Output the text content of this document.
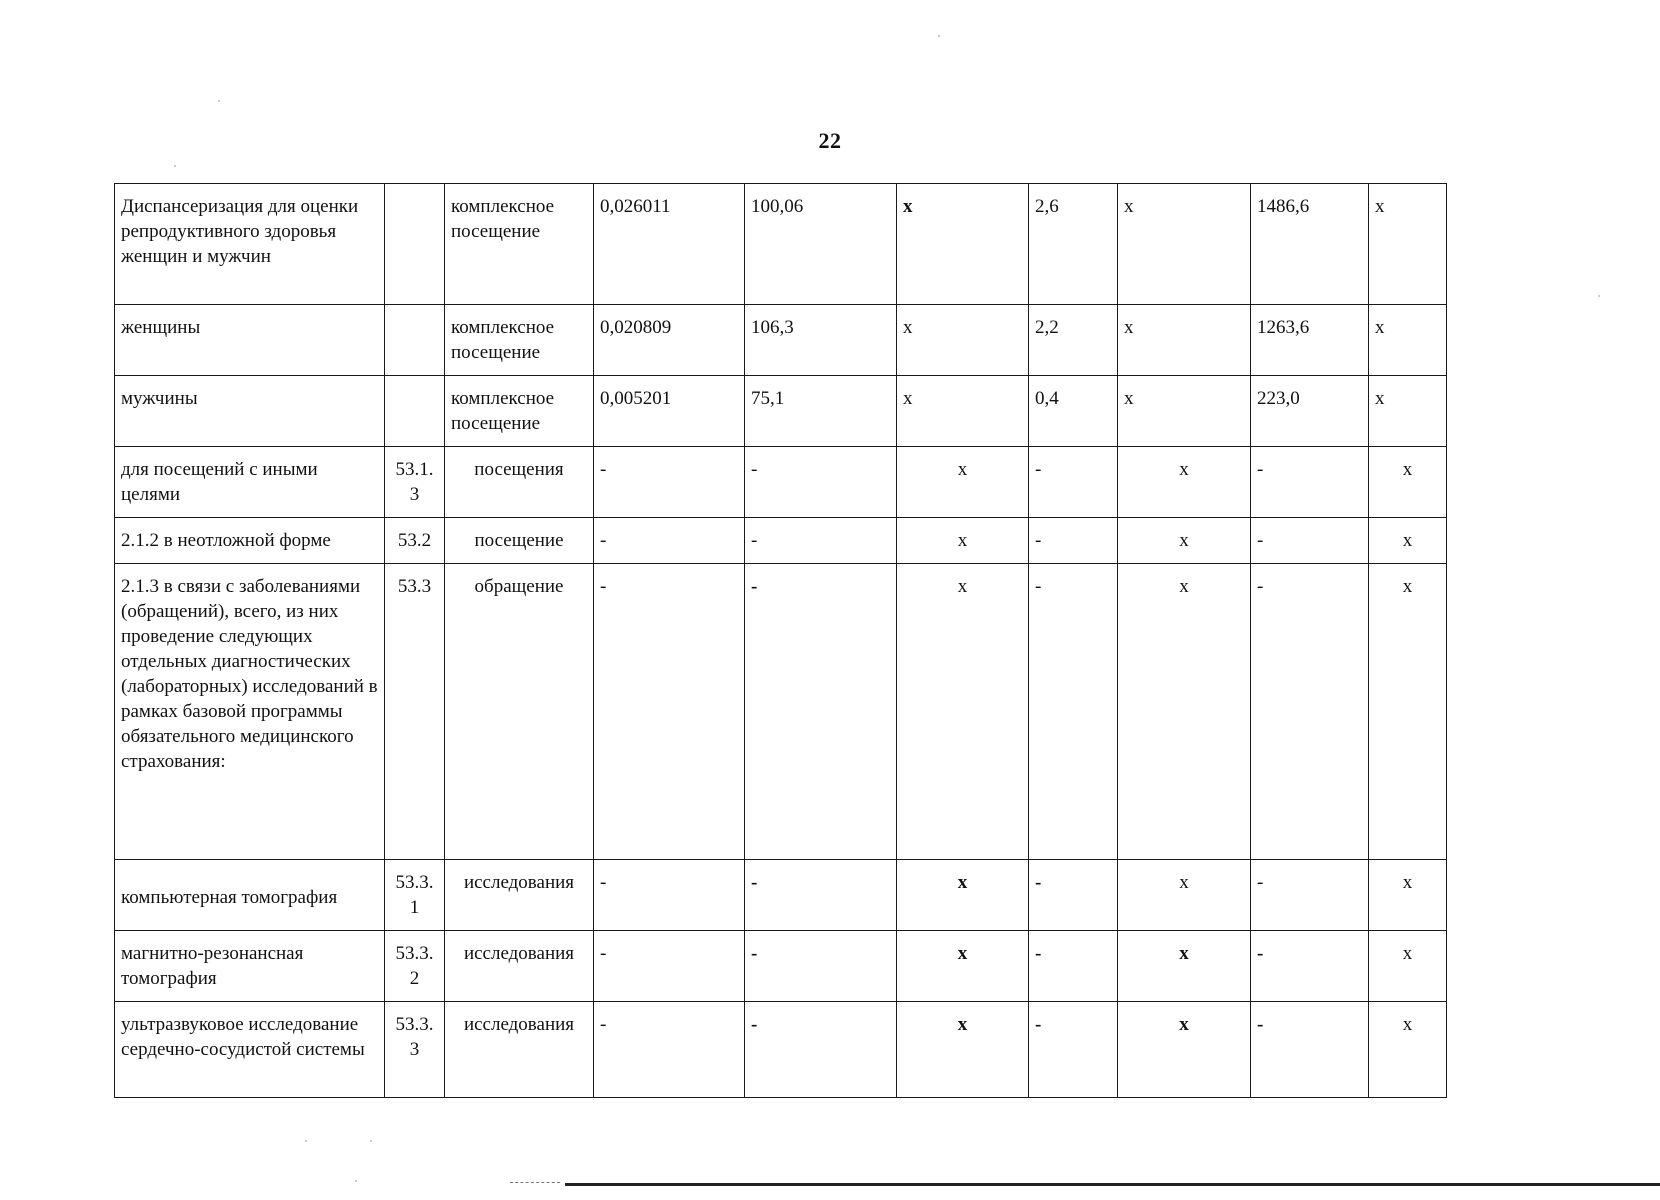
22
Диспансеризация для оценки репродуктивного здоровья женщин и мужчин		комплексное посещение	0,026011	100,06	х	2,6	х	1486,6	х
женщины		комплексное посещение	0,020809	106,3	х	2,2	х	1263,6	х
мужчины		комплексное посещение	0,005201	75,1	х	0,4	х	223,0	х
для посещений с иными целями	53.1.3	посещения	-	-	х	-	х	-	х
2.1.2 в неотложной форме	53.2	посещение	-	-	х	-	х	-	х
2.1.3 в связи с заболеваниями (обращений), всего, из них проведение следующих отдельных диагностических (лабораторных) исследований в рамках базовой программы обязательного медицинского страхования:	53.3	обращение	-	-	х	-	х	-	х
компьютерная томография	53.3.1	исследования	-	-	х	-	х	-	х
магнитно-резонансная томография	53.3.2	исследования	-	-	х	-	х	-	х
ультразвуковое исследование сердечно-сосудистой системы	53.3.3	исследования	-	-	х	-	х	-	х
